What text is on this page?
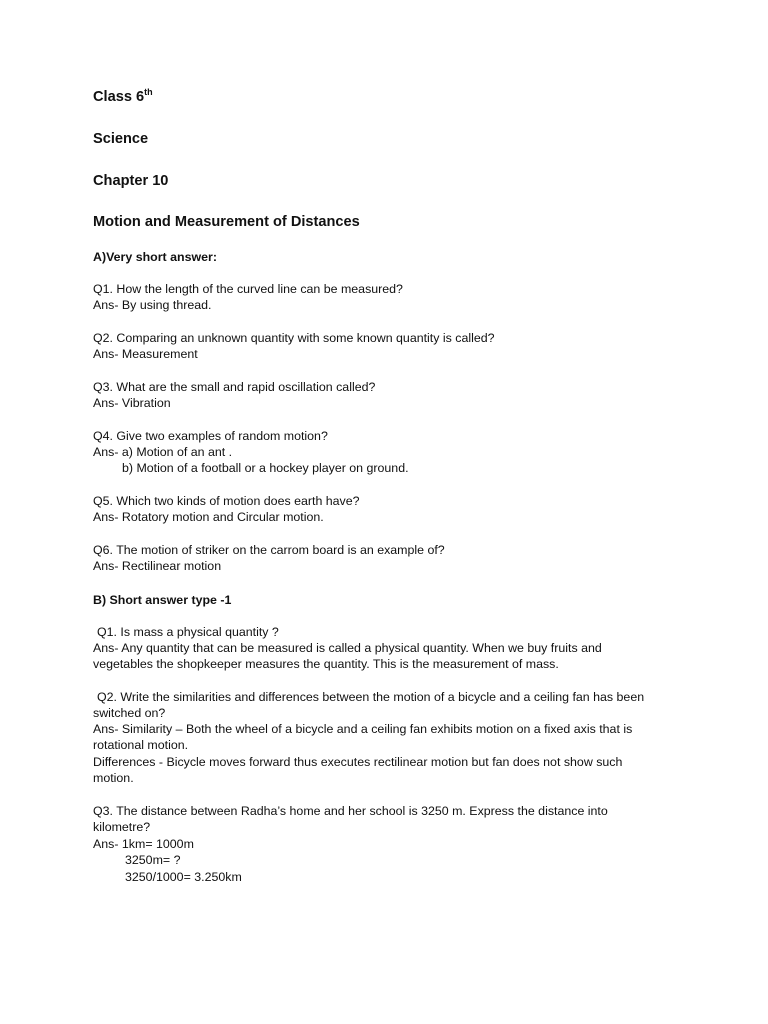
Class 6th
Science
Chapter 10
Motion and Measurement of Distances
A)Very short answer:
Q1. How the length of the curved line can be measured?
Ans- By using thread.
Q2. Comparing an unknown quantity with some known quantity is called?
Ans- Measurement
Q3. What are the small and rapid oscillation called?
Ans- Vibration
Q4. Give two examples of random motion?
Ans- a) Motion of an ant .
b) Motion of a football or a hockey player on ground.
Q5. Which two kinds of motion does earth have?
Ans- Rotatory motion and Circular motion.
Q6. The motion of striker on the carrom board is an example of?
Ans- Rectilinear motion
B) Short answer type -1
Q1. Is mass a physical quantity ?
Ans- Any quantity that can be measured is called a physical quantity. When we buy fruits and
vegetables the shopkeeper measures the quantity. This is the measurement of mass.
Q2. Write the similarities and differences between the motion of a bicycle and a ceiling fan has been
switched on?
Ans- Similarity – Both the wheel of a bicycle and a ceiling fan exhibits motion on a fixed axis that is
rotational motion.
Differences - Bicycle moves forward thus executes rectilinear motion but fan does not show such
motion.
Q3. The distance between Radha’s home and her school is 3250 m. Express the distance into
kilometre?
Ans- 1km= 1000m
3250m= ?
3250/1000= 3.250km
